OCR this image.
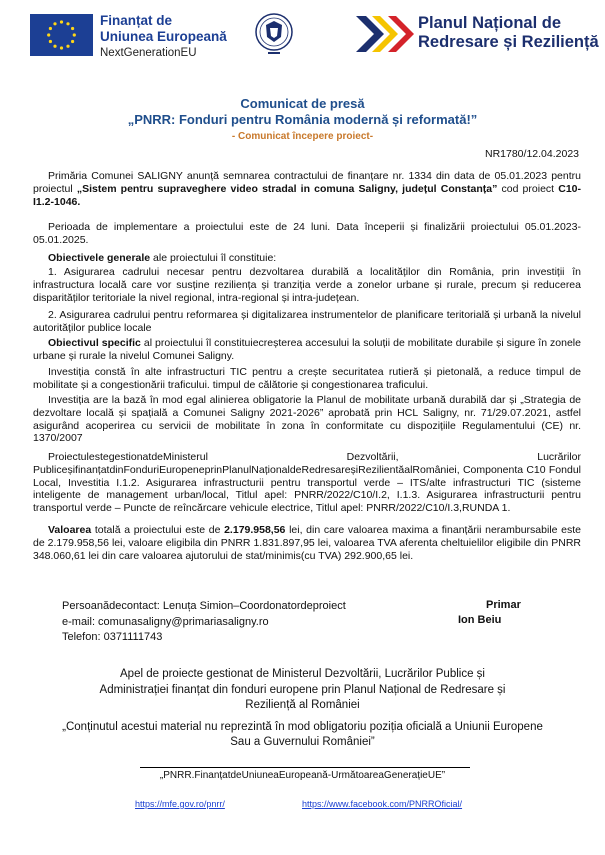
Finanțat de
Uniunea Europeană
NextGenerationEU
Planul Național de
Redresare și Reziliență
Comunicat de presă
„PNRR: Fonduri pentru România modernă și reformată!”
- Comunicat începere proiect-
NR1780/12.04.2023

Primăria Comunei SALIGNY anunță semnarea contractului de finanțare nr. 1334 din data de 05.01.2023 pentru proiectul „Sistem pentru supraveghere video stradal in comuna Saligny, județul Constanța” cod proiect C10-I1.2-1046.

Perioada de implementare a proiectului este de 24 luni. Data începerii și finalizării proiectului 05.01.2023-05.01.2025.

Obiectivele generale ale proiectului îl constituie:

1. Asigurarea cadrului necesar pentru dezvoltarea durabilă a localităților din România, prin investiții în infrastructura locală care vor susține reziliența și tranziția verde a zonelor urbane și rurale, precum și reducerea disparităților teritoriale la nivel regional, intra-regional și intra-județean.

2. Asigurarea cadrului pentru reformarea și digitalizarea instrumentelor de planificare teritorială și urbană la nivelul autorităților publice locale

Obiectivul specific al proiectului îl constituiecreșterea accesului la soluții de mobilitate durabile și sigure în zonele urbane și rurale la nivelul Comunei Saligny.

Investiția constă în alte infrastructuri TIC pentru a crește securitatea rutieră și pietonală, a reduce timpul de mobilitate și a congestionării traficului. timpul de călătorie și congestionarea traficului.

Investiția are la bază în mod egal alinierea obligatorie la Planul de mobilitate urbană durabilă dar și „Strategia de dezvoltare locală și spațială a Comunei Saligny 2021-2026” aprobată prin HCL Saligny, nr. 71/29.07.2021, astfel asigurând acoperirea cu servicii de mobilitate în zona în conformitate cu dispozițiile Regulamentului (CE) nr. 1370/2007

ProiectulestegestionatdeMinisterul Dezvoltării, Lucrărilor PubliceșifinanțatdinFonduriEuropeneprinPlanulNaționaldeRedresareșiRezilientăalRomâniei, Componenta C10 Fondul Local, Investitia I.1.2. Asigurarea infrastructurii pentru transportul verde – ITS/alte infrastructuri TIC (sisteme inteligente de management urban/local, Titlul apel: PNRR/2022/C10/I.2, I.1.3. Asigurarea infrastructurii pentru transportul verde – Puncte de reîncărcare vehicule electrice, Titlul apel: PNRR/2022/C10/I.3,RUNDA 1.

Valoarea totală a proiectului este de 2.179.958,56 lei, din care valoarea maxima a finanțării nerambursabile este de 2.179.958,56 lei, valoare eligibila din PNRR 1.831.897,95 lei, valoarea TVA aferenta cheltuielilor eligibile din PNRR 348.060,61 lei din care valoarea ajutorului de stat/minimis(cu TVA) 292.900,65 lei.

Persoanădecontact: Lenuța Simion–Coordonatordeproiect
e-mail: comunasaligny@primariasaligny.ro
Telefon: 0371111743
Primar
Ion Beiu
Apel de proiecte gestionat de Ministerul Dezvoltării, Lucrărilor Publice și
Administrației finanțat din fonduri europene prin Planul Național de Redresare și
Reziliență al României
„Conținutul acestui material nu reprezintă în mod obligatoriu poziția oficială a Uniunii Europene
Sau a Guvernului României”
„PNRR.FinanțatdeUniuneaEuropeană-UrmătoareaGenerațieUE”
https://mfe.gov.ro/pnrr/	https://www.facebook.com/PNRROficial/
